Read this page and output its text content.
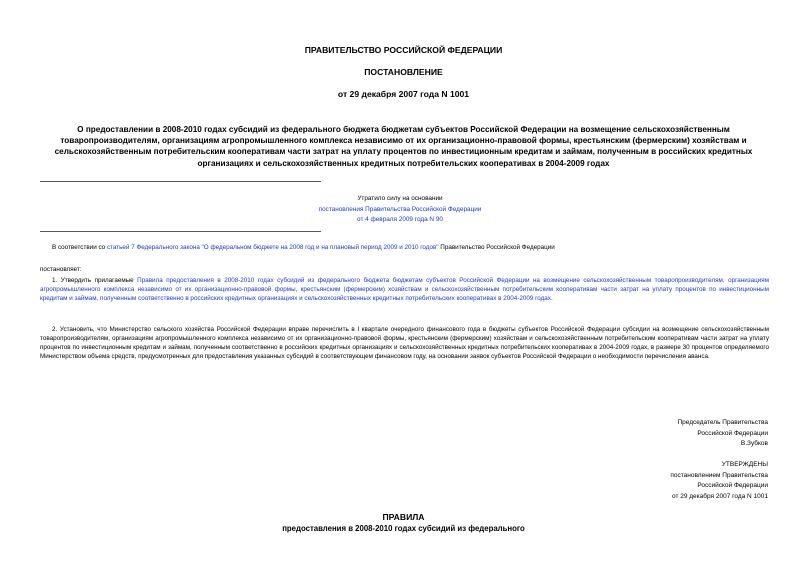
ПРАВИТЕЛЬСТВО РОССИЙСКОЙ ФЕДЕРАЦИИ
ПОСТАНОВЛЕНИЕ
от 29 декабря 2007 года N 1001
О предоставлении в 2008-2010 годах субсидий из федерального бюджета бюджетам субъектов Российской Федерации на возмещение сельскохозяйственным товаропроизводителям, организациям агропромышленного комплекса независимо от их организационно-правовой формы, крестьянским (фермерским) хозяйствам и сельскохозяйственным потребительским кооперативам части затрат на уплату процентов по инвестиционным кредитам и займам, полученным в российских кредитных организациях и сельскохозяйственных кредитных потребительских кооперативах в 2004-2009 годах
Утратило силу на основании
постановления Правительства Российской Федерации
от 4 февраля 2009 года N 90
В соответствии со статьей 7 Федерального закона "О федеральном бюджете на 2008 год и на плановый период 2009 и 2010 годов" Правительство Российской Федерации
постановляет:
1. Утвердить прилагаемые Правила предоставления в 2008-2010 годах субсидий из федерального бюджета бюджетам субъектов Российской Федерации на возмещение сельскохозяйственным товаропроизводителям, организациям агропромышленного комплекса независимо от их организационно-правовой формы, крестьянским (фермерским) хозяйствам и сельскохозяйственным потребительским кооперативам части затрат на уплату процентов по инвестиционным кредитам и займам, полученным соответственно в российских кредитных организациях и сельскохозяйственных кредитных потребительских кооперативах в 2004-2009 годах.
2. Установить, что Министерство сельского хозяйства Российской Федерации вправе перечислить в I квартале очередного финансового года в бюджеты субъектов Российской Федерации субсидии на возмещение сельскохозяйственным товаропроизводителям, организациям агропромышленного комплекса независимо от их организационно-правовой формы, крестьянским (фермерским) хозяйствам и сельскохозяйственным потребительским кооперативам части затрат на уплату процентов по инвестиционным кредитам и займам, полученным соответственно в российских кредитных организациях и сельскохозяйственных кредитных потребительских кооперативах в 2004-2009 годах, в размере 30 процентов определяемого Министерством объема средств, предусмотренных для предоставления указанных субсидий в соответствующем финансовом году, на основании заявок субъектов Российской Федерации о необходимости перечисления аванса.
Председатель Правительства
Российской Федерации
В.Зубков
УТВЕРЖДЕНЫ
постановлением Правительства
Российской Федерации
от 29 декабря 2007 года N 1001
ПРАВИЛА
предоставления в 2008-2010 годах субсидий из федерального
